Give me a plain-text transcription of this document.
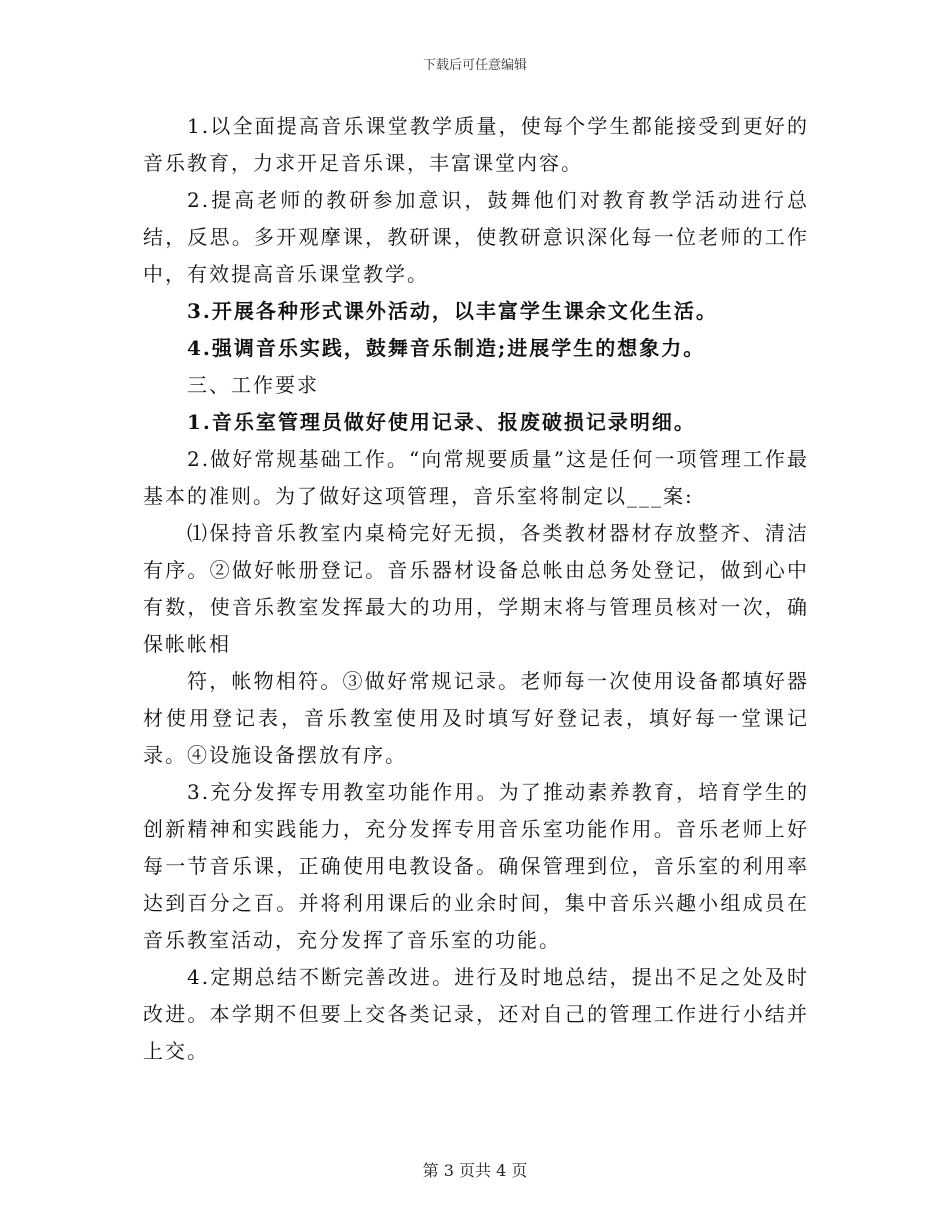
下载后可任意编辑

1.以全面提高音乐课堂教学质量，使每个学生都能接受到更好的音乐教育，力求开足音乐课，丰富课堂内容。

2.提高老师的教研参加意识，鼓舞他们对教育教学活动进行总结，反思。多开观摩课，教研课，使教研意识深化每一位老师的工作中，有效提高音乐课堂教学。

3.开展各种形式课外活动，以丰富学生课余文化生活。

4.强调音乐实践，鼓舞音乐制造;进展学生的想象力。

三、工作要求

1.音乐室管理员做好使用记录、报废破损记录明细。

2.做好常规基础工作。“向常规要质量”这是任何一项管理工作最基本的准则。为了做好这项管理，音乐室将制定以___案:

⑴保持音乐教室内桌椅完好无损，各类教材器材存放整齐、清洁有序。②做好帐册登记。音乐器材设备总帐由总务处登记，做到心中有数，使音乐教室发挥最大的功用，学期末将与管理员核对一次，确保帐帐相

符，帐物相符。③做好常规记录。老师每一次使用设备都填好器材使用登记表，音乐教室使用及时填写好登记表，填好每一堂课记录。④设施设备摆放有序。

3.充分发挥专用教室功能作用。为了推动素养教育，培育学生的创新精神和实践能力，充分发挥专用音乐室功能作用。音乐老师上好每一节音乐课，正确使用电教设备。确保管理到位，音乐室的利用率达到百分之百。并将利用课后的业余时间，集中音乐兴趣小组成员在音乐教室活动，充分发挥了音乐室的功能。

4.定期总结不断完善改进。进行及时地总结，提出不足之处及时改进。本学期不但要上交各类记录，还对自己的管理工作进行小结并上交。

第 3 页共 4 页
